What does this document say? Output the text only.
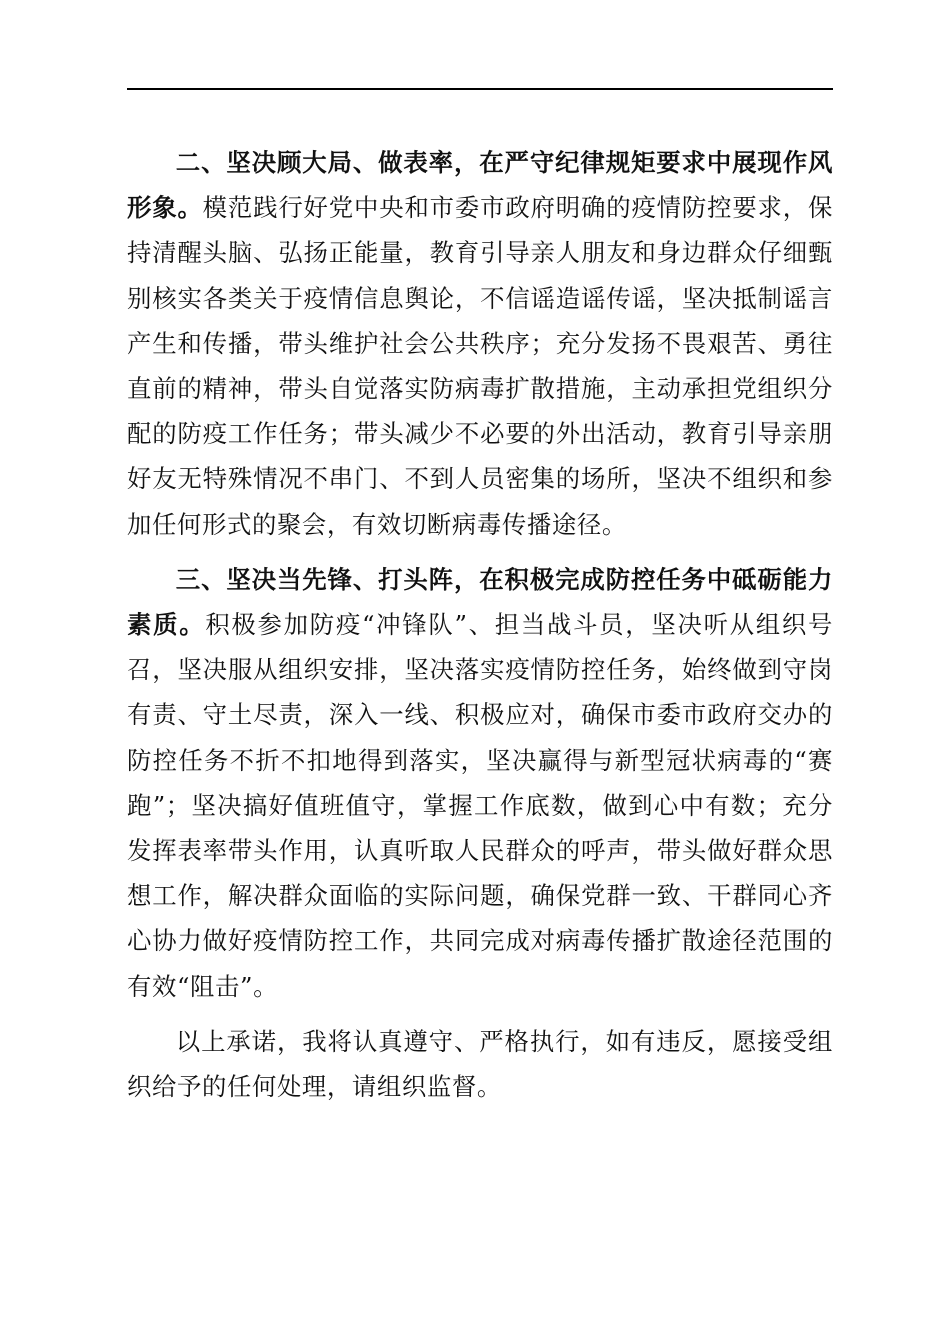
二、坚决顾大局、做表率，在严守纪律规矩要求中展现作风形象。模范践行好党中央和市委市政府明确的疫情防控要求，保持清醒头脑、弘扬正能量，教育引导亲人朋友和身边群众仔细甄别核实各类关于疫情信息舆论，不信谣造谣传谣，坚决抵制谣言产生和传播，带头维护社会公共秩序；充分发扬不畏艰苦、勇往直前的精神，带头自觉落实防病毒扩散措施，主动承担党组织分配的防疫工作任务；带头减少不必要的外出活动，教育引导亲朋好友无特殊情况不串门、不到人员密集的场所，坚决不组织和参加任何形式的聚会，有效切断病毒传播途径。

三、坚决当先锋、打头阵，在积极完成防控任务中砥砺能力素质。积极参加防疫“冲锋队”、担当战斗员，坚决听从组织号召，坚决服从组织安排，坚决落实疫情防控任务，始终做到守岗有责、守土尽责，深入一线、积极应对，确保市委市政府交办的防控任务不折不扣地得到落实，坚决赢得与新型冠状病毒的“赛跑”；坚决搞好值班值守，掌握工作底数，做到心中有数；充分发挥表率带头作用，认真听取人民群众的呼声，带头做好群众思想工作，解决群众面临的实际问题，确保党群一致、干群同心齐心协力做好疫情防控工作，共同完成对病毒传播扩散途径范围的有效“阻击”。

以上承诺，我将认真遵守、严格执行，如有违反，愿接受组织给予的任何处理，请组织监督。
